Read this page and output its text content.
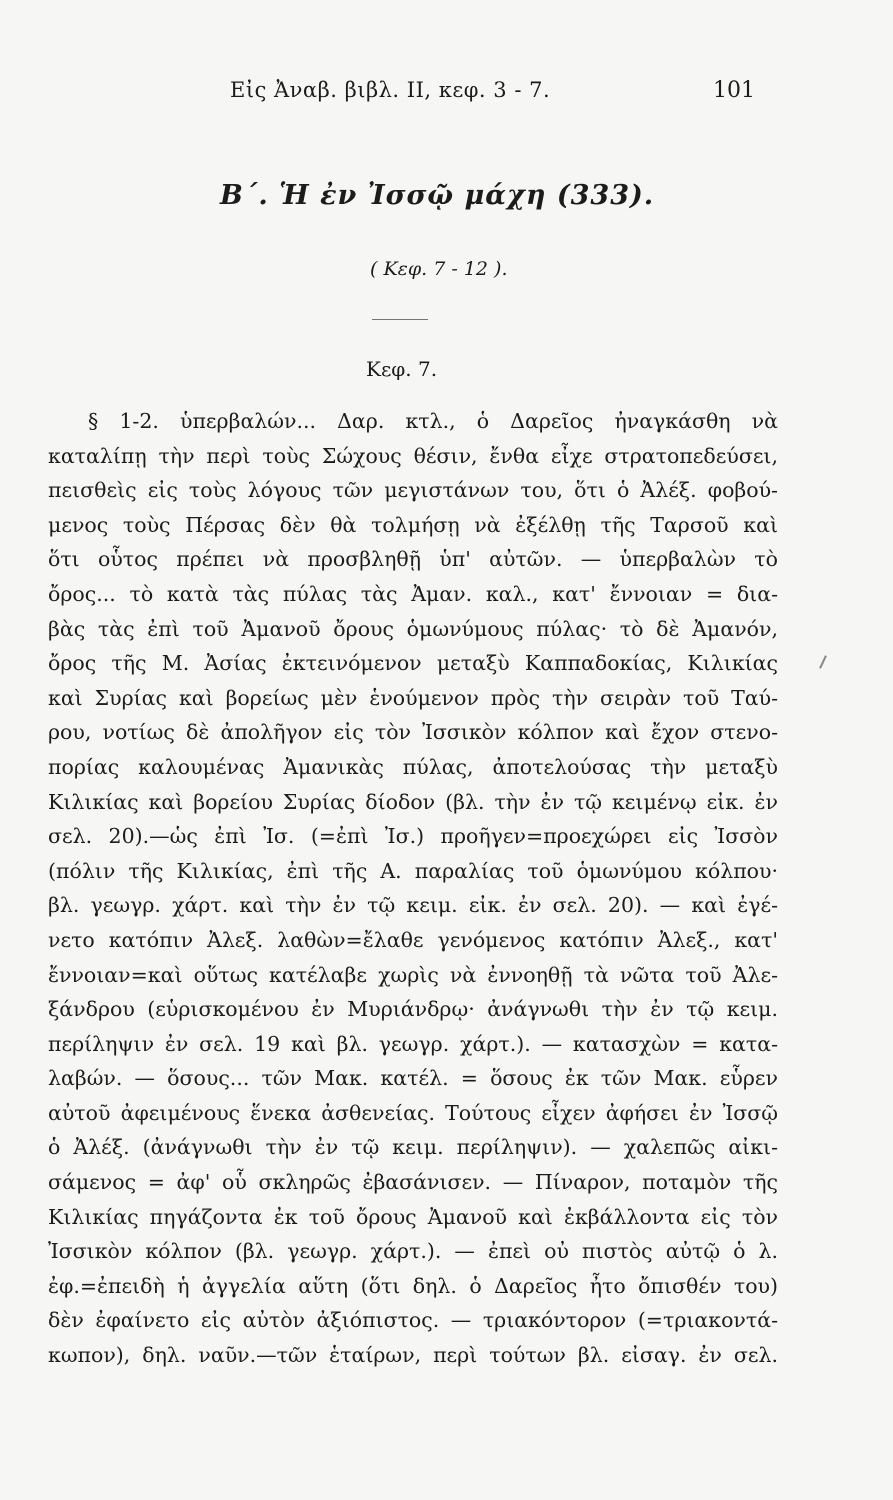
Εἰς Ἀναβ. βιβλ. ΙΙ, κεφ. 3 - 7.	101
Β΄. Ἡ ἐν Ἰσσῷ μάχη (333).
( Κεφ. 7 - 12 ).
Κεφ. 7.
§ 1-2. ὑπερβαλών... Δαρ. κτλ., ὁ Δαρεῖος ἠναγκάσθη νὰ
καταλίπῃ τὴν περὶ τοὺς Σώχους θέσιν, ἔνθα εἶχε στρατοπεδεύσει,
πεισθεὶς εἰς τοὺς λόγους τῶν μεγιστάνων του, ὅτι ὁ Ἀλέξ. φοβού-
μενος τοὺς Πέρσας δὲν θὰ τολμήσῃ νὰ ἐξέλθῃ τῆς Ταρσοῦ καὶ
ὅτι οὗτος πρέπει νὰ προσβληθῇ ὑπ' αὐτῶν. — ὑπερβαλὼν τὸ
ὄρος... τὸ κατὰ τὰς πύλας τὰς Ἀμαν. καλ., κατ' ἔννοιαν = δια-
βὰς τὰς ἐπὶ τοῦ Ἀμανοῦ ὄρους ὁμωνύμους πύλας· τὸ δὲ Ἀμανόν,
ὄρος τῆς Μ. Ἀσίας ἐκτεινόμενον μεταξὺ Καππαδοκίας, Κιλικίας
καὶ Συρίας καὶ βορείως μὲν ἑνούμενον πρὸς τὴν σειρὰν τοῦ Ταύ-
ρου, νοτίως δὲ ἀπολῆγον εἰς τὸν Ἰσσικὸν κόλπον καὶ ἔχον στενο-
πορίας καλουμένας Ἀμανικὰς πύλας, ἀποτελούσας τὴν μεταξὺ
Κιλικίας καὶ βορείου Συρίας δίοδον (βλ. τὴν ἐν τῷ κειμένῳ εἰκ. ἐν
σελ. 20).—ὡς ἐπὶ Ἰσ. (=ἐπὶ Ἰσ.) προῆγεν=προεχώρει εἰς Ἰσσὸν
(πόλιν τῆς Κιλικίας, ἐπὶ τῆς Α. παραλίας τοῦ ὁμωνύμου κόλπου·
βλ. γεωγρ. χάρτ. καὶ τὴν ἐν τῷ κειμ. εἰκ. ἐν σελ. 20). — καὶ ἐγέ-
νετο κατόπιν Ἀλεξ. λαθὼν=ἔλαθε γενόμενος κατόπιν Ἀλεξ., κατ'
ἔννοιαν=καὶ οὕτως κατέλαβε χωρὶς νὰ ἐννοηθῇ τὰ νῶτα τοῦ Ἀλε-
ξάνδρου (εὑρισκομένου ἐν Μυριάνδρῳ· ἀνάγνωθι τὴν ἐν τῷ κειμ.
περίληψιν ἐν σελ. 19 καὶ βλ. γεωγρ. χάρτ.). — κατασχὼν = κατα-
λαβών. — ὅσους... τῶν Μακ. κατέλ. = ὅσους ἐκ τῶν Μακ. εὗρεν
αὐτοῦ ἀφειμένους ἕνεκα ἀσθενείας. Τούτους εἶχεν ἀφήσει ἐν Ἰσσῷ
ὁ Ἀλέξ. (ἀνάγνωθι τὴν ἐν τῷ κειμ. περίληψιν). — χαλεπῶς αἰκι-
σάμενος = ἀφ' οὗ σκληρῶς ἐβασάνισεν. — Πίναρον, ποταμὸν τῆς
Κιλικίας πηγάζοντα ἐκ τοῦ ὄρους Ἀμανοῦ καὶ ἐκβάλλοντα εἰς τὸν
Ἰσσικὸν κόλπον (βλ. γεωγρ. χάρτ.). — ἐπεὶ οὐ πιστὸς αὐτῷ ὁ λ.
ἐφ.=ἐπειδὴ ἡ ἀγγελία αὕτη (ὅτι δηλ. ὁ Δαρεῖος ἦτο ὄπισθέν του)
δὲν ἐφαίνετο εἰς αὐτὸν ἀξιόπιστος. — τριακόντορον (=τριακοντά-
κωπον), δηλ. ναῦν.—τῶν ἑταίρων, περὶ τούτων βλ. εἰσαγ. ἐν σελ.
